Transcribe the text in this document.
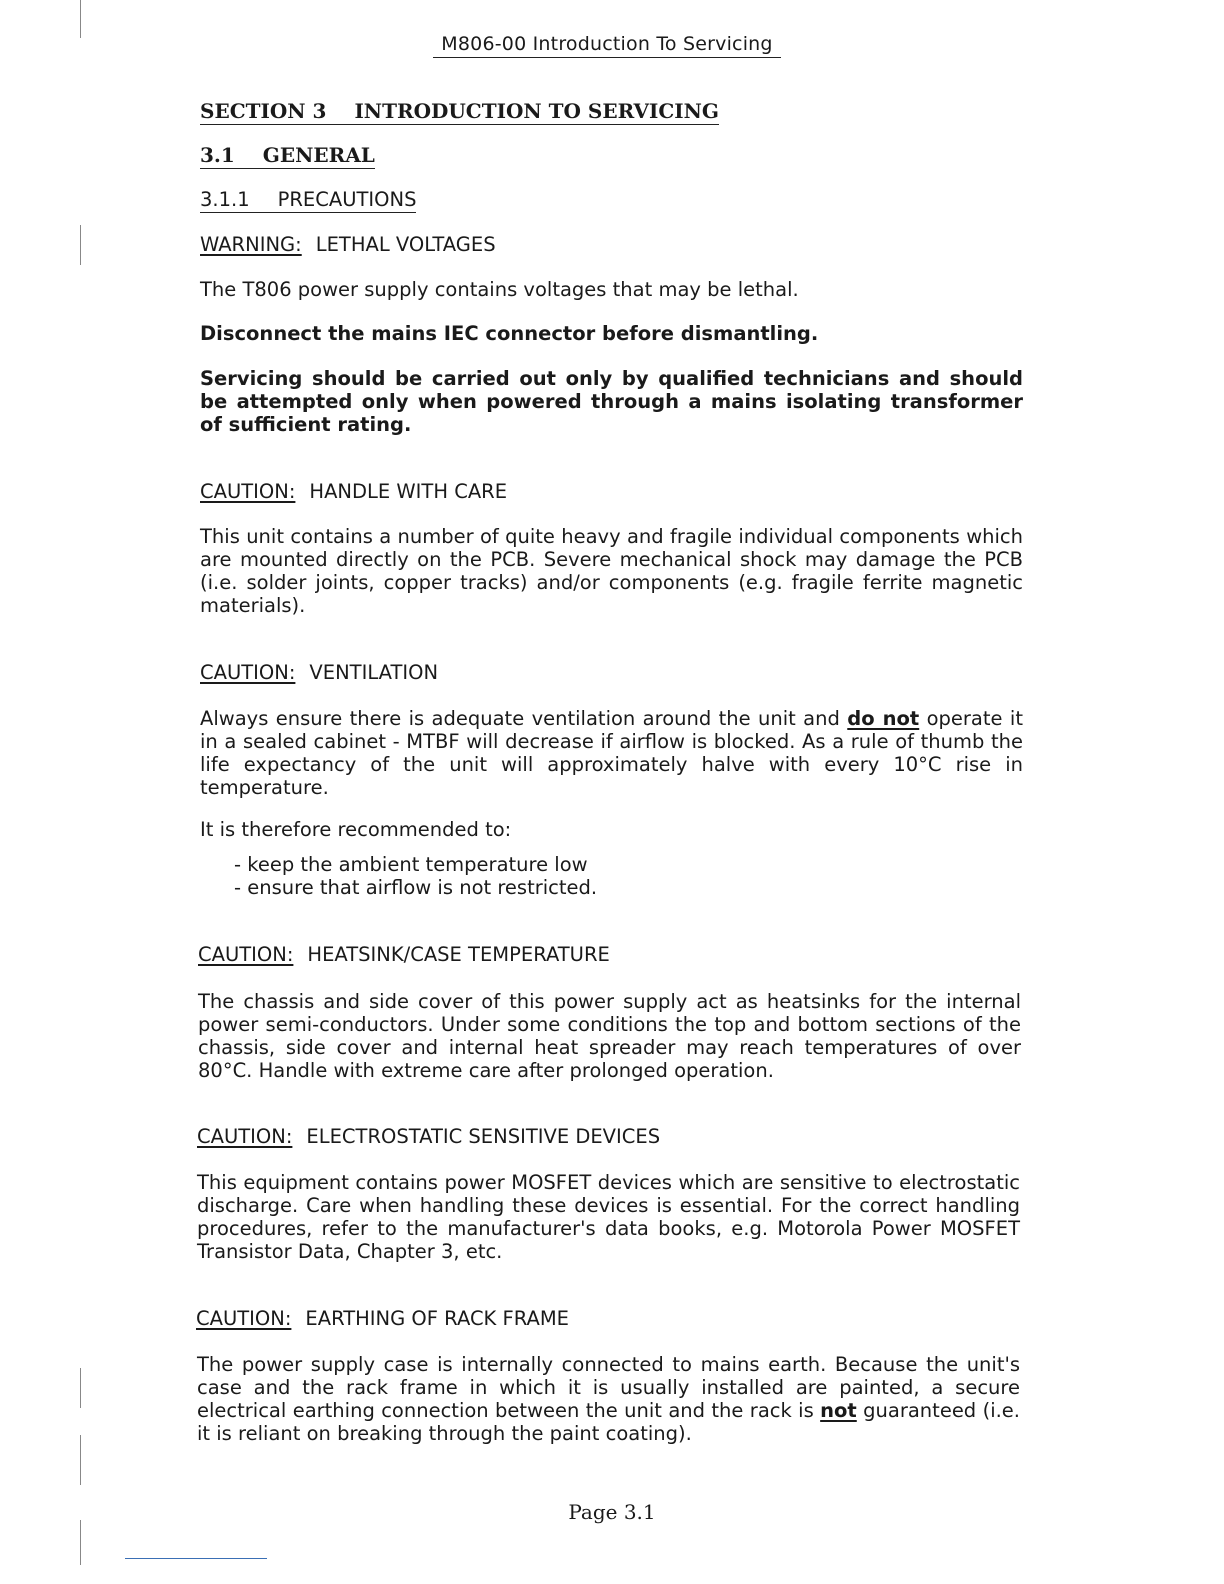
M806-00 Introduction To Servicing
SECTION 3 INTRODUCTION TO SERVICING
3.1 GENERAL
3.1.1 PRECAUTIONS
WARNING: LETHAL VOLTAGES
The T806 power supply contains voltages that may be lethal.
Disconnect the mains IEC connector before dismantling.
Servicing should be carried out only by qualified technicians and should be attempted only when powered through a mains isolating transformer of sufficient rating.
CAUTION: HANDLE WITH CARE
This unit contains a number of quite heavy and fragile individual components which are mounted directly on the PCB. Severe mechanical shock may damage the PCB (i.e. solder joints, copper tracks) and/or components (e.g. fragile ferrite magnetic materials).
CAUTION: VENTILATION
Always ensure there is adequate ventilation around the unit and do not operate it in a sealed cabinet - MTBF will decrease if airflow is blocked. As a rule of thumb the life expectancy of the unit will approximately halve with every 10°C rise in temperature.
It is therefore recommended to:
- keep the ambient temperature low
- ensure that airflow is not restricted.
CAUTION: HEATSINK/CASE TEMPERATURE
The chassis and side cover of this power supply act as heatsinks for the internal power semi-conductors. Under some conditions the top and bottom sections of the chassis, side cover and internal heat spreader may reach temperatures of over 80°C. Handle with extreme care after prolonged operation.
CAUTION: ELECTROSTATIC SENSITIVE DEVICES
This equipment contains power MOSFET devices which are sensitive to electrostatic discharge. Care when handling these devices is essential. For the correct handling procedures, refer to the manufacturer's data books, e.g. Motorola Power MOSFET Transistor Data, Chapter 3, etc.
CAUTION: EARTHING OF RACK FRAME
The power supply case is internally connected to mains earth. Because the unit's case and the rack frame in which it is usually installed are painted, a secure electrical earthing connection between the unit and the rack is not guaranteed (i.e. it is reliant on breaking through the paint coating).
Page 3.1
